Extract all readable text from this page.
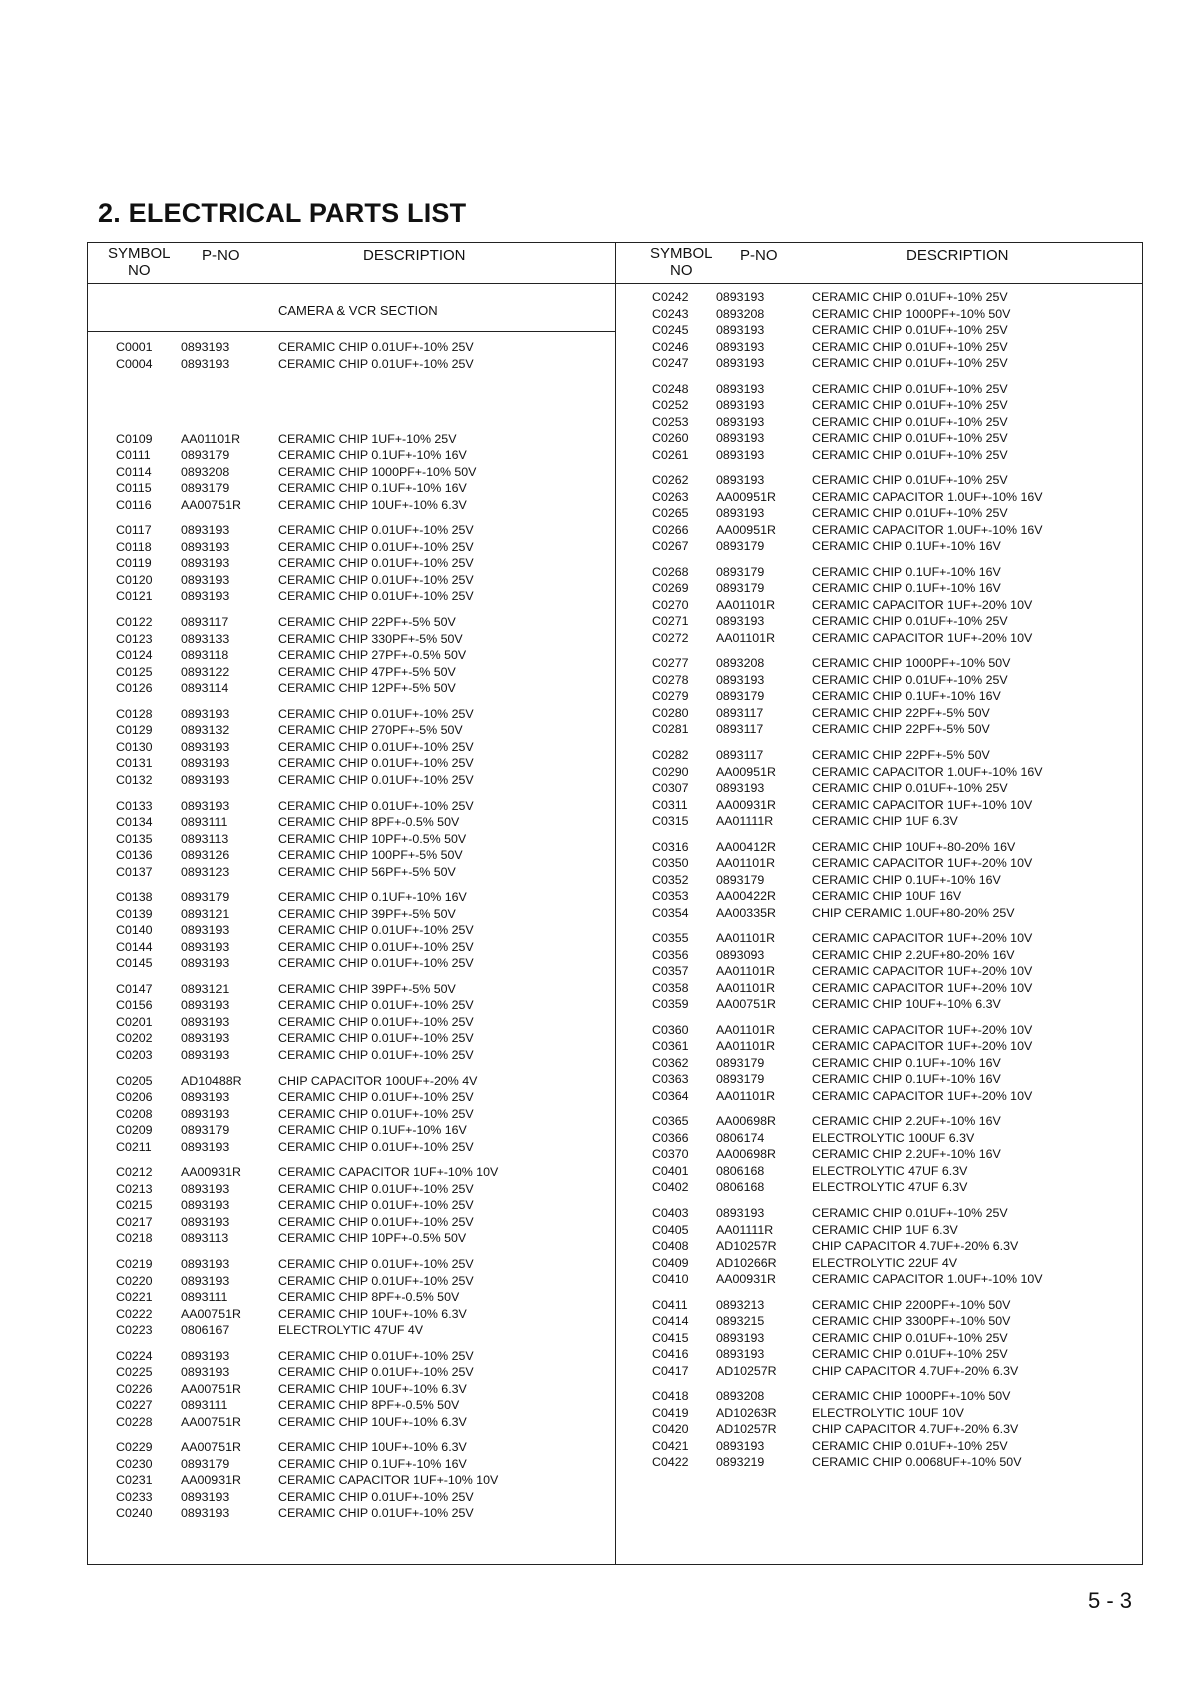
2. ELECTRICAL PARTS LIST
SYMBOL
NO
P-NO	DESCRIPTION
CAMERA & VCR SECTION
C0001 0893193	CERAMIC CHIP 0.01UF+-10% 25V
C0004 0893193	CERAMIC CHIP 0.01UF+-10% 25V
C0109 AA01101R	CERAMIC CHIP 1UF+-10% 25V
C0111 0893179	CERAMIC CHIP 0.1UF+-10% 16V
C0114 0893208	CERAMIC CHIP 1000PF+-10% 50V
C0115 0893179	CERAMIC CHIP 0.1UF+-10% 16V
C0116 AA00751R	CERAMIC CHIP 10UF+-10% 6.3V
C0117 0893193	CERAMIC CHIP 0.01UF+-10% 25V
C0118 0893193	CERAMIC CHIP 0.01UF+-10% 25V
C0119 0893193	CERAMIC CHIP 0.01UF+-10% 25V
C0120 0893193	CERAMIC CHIP 0.01UF+-10% 25V
C0121 0893193	CERAMIC CHIP 0.01UF+-10% 25V
C0122 0893117	CERAMIC CHIP 22PF+-5% 50V
C0123 0893133	CERAMIC CHIP 330PF+-5% 50V
C0124 0893118	CERAMIC CHIP 27PF+-0.5% 50V
C0125 0893122	CERAMIC CHIP 47PF+-5% 50V
C0126 0893114	CERAMIC CHIP 12PF+-5% 50V
C0128 0893193	CERAMIC CHIP 0.01UF+-10% 25V
C0129 0893132	CERAMIC CHIP 270PF+-5% 50V
C0130 0893193	CERAMIC CHIP 0.01UF+-10% 25V
C0131 0893193	CERAMIC CHIP 0.01UF+-10% 25V
C0132 0893193	CERAMIC CHIP 0.01UF+-10% 25V
C0133 0893193	CERAMIC CHIP 0.01UF+-10% 25V
C0134 0893111	CERAMIC CHIP 8PF+-0.5% 50V
C0135 0893113	CERAMIC CHIP 10PF+-0.5% 50V
C0136 0893126	CERAMIC CHIP 100PF+-5% 50V
C0137 0893123	CERAMIC CHIP 56PF+-5% 50V
C0138 0893179	CERAMIC CHIP 0.1UF+-10% 16V
C0139 0893121	CERAMIC CHIP 39PF+-5% 50V
C0140 0893193	CERAMIC CHIP 0.01UF+-10% 25V
C0144 0893193	CERAMIC CHIP 0.01UF+-10% 25V
C0145 0893193	CERAMIC CHIP 0.01UF+-10% 25V
C0147 0893121	CERAMIC CHIP 39PF+-5% 50V
C0156 0893193	CERAMIC CHIP 0.01UF+-10% 25V
C0201 0893193	CERAMIC CHIP 0.01UF+-10% 25V
C0202 0893193	CERAMIC CHIP 0.01UF+-10% 25V
C0203 0893193	CERAMIC CHIP 0.01UF+-10% 25V
C0205 AD10488R	CHIP CAPACITOR 100UF+-20% 4V
C0206 0893193	CERAMIC CHIP 0.01UF+-10% 25V
C0208 0893193	CERAMIC CHIP 0.01UF+-10% 25V
C0209 0893179	CERAMIC CHIP 0.1UF+-10% 16V
C0211 0893193	CERAMIC CHIP 0.01UF+-10% 25V
C0212 AA00931R	CERAMIC CAPACITOR 1UF+-10% 10V
C0213 0893193	CERAMIC CHIP 0.01UF+-10% 25V
C0215 0893193	CERAMIC CHIP 0.01UF+-10% 25V
C0217 0893193	CERAMIC CHIP 0.01UF+-10% 25V
C0218 0893113	CERAMIC CHIP 10PF+-0.5% 50V
C0219 0893193	CERAMIC CHIP 0.01UF+-10% 25V
C0220 0893193	CERAMIC CHIP 0.01UF+-10% 25V
C0221 0893111	CERAMIC CHIP 8PF+-0.5% 50V
C0222 AA00751R	CERAMIC CHIP 10UF+-10% 6.3V
C0223 0806167	ELECTROLYTIC 47UF 4V
C0224 0893193	CERAMIC CHIP 0.01UF+-10% 25V
C0225 0893193	CERAMIC CHIP 0.01UF+-10% 25V
C0226 AA00751R	CERAMIC CHIP 10UF+-10% 6.3V
C0227 0893111	CERAMIC CHIP 8PF+-0.5% 50V
C0228 AA00751R	CERAMIC CHIP 10UF+-10% 6.3V
C0229 AA00751R	CERAMIC CHIP 10UF+-10% 6.3V
C0230 0893179	CERAMIC CHIP 0.1UF+-10% 16V
C0231 AA00931R	CERAMIC CAPACITOR 1UF+-10% 10V
C0233 0893193	CERAMIC CHIP 0.01UF+-10% 25V
C0240 0893193	CERAMIC CHIP 0.01UF+-10% 25V
SYMBOL
NO
P-NO	DESCRIPTION
C0242 0893193	CERAMIC CHIP 0.01UF+-10% 25V
C0243 0893208	CERAMIC CHIP 1000PF+-10% 50V
C0245 0893193	CERAMIC CHIP 0.01UF+-10% 25V
C0246 0893193	CERAMIC CHIP 0.01UF+-10% 25V
C0247 0893193	CERAMIC CHIP 0.01UF+-10% 25V
C0248 0893193	CERAMIC CHIP 0.01UF+-10% 25V
C0252 0893193	CERAMIC CHIP 0.01UF+-10% 25V
C0253 0893193	CERAMIC CHIP 0.01UF+-10% 25V
C0260 0893193	CERAMIC CHIP 0.01UF+-10% 25V
C0261 0893193	CERAMIC CHIP 0.01UF+-10% 25V
C0262 0893193	CERAMIC CHIP 0.01UF+-10% 25V
C0263 AA00951R	CERAMIC CAPACITOR 1.0UF+-10% 16V
C0265 0893193	CERAMIC CHIP 0.01UF+-10% 25V
C0266 AA00951R	CERAMIC CAPACITOR 1.0UF+-10% 16V
C0267 0893179	CERAMIC CHIP 0.1UF+-10% 16V
C0268 0893179	CERAMIC CHIP 0.1UF+-10% 16V
C0269 0893179	CERAMIC CHIP 0.1UF+-10% 16V
C0270 AA01101R	CERAMIC CAPACITOR 1UF+-20% 10V
C0271 0893193	CERAMIC CHIP 0.01UF+-10% 25V
C0272 AA01101R	CERAMIC CAPACITOR 1UF+-20% 10V
C0277 0893208	CERAMIC CHIP 1000PF+-10% 50V
C0278 0893193	CERAMIC CHIP 0.01UF+-10% 25V
C0279 0893179	CERAMIC CHIP 0.1UF+-10% 16V
C0280 0893117	CERAMIC CHIP 22PF+-5% 50V
C0281 0893117	CERAMIC CHIP 22PF+-5% 50V
C0282 0893117	CERAMIC CHIP 22PF+-5% 50V
C0290 AA00951R	CERAMIC CAPACITOR 1.0UF+-10% 16V
C0307 0893193	CERAMIC CHIP 0.01UF+-10% 25V
C0311 AA00931R	CERAMIC CAPACITOR 1UF+-10% 10V
C0315 AA01111R	CERAMIC CHIP 1UF 6.3V
C0316 AA00412R	CERAMIC CHIP 10UF+-80-20% 16V
C0350 AA01101R	CERAMIC CAPACITOR 1UF+-20% 10V
C0352 0893179	CERAMIC CHIP 0.1UF+-10% 16V
C0353 AA00422R	CERAMIC CHIP 10UF 16V
C0354 AA00335R	CHIP CERAMIC 1.0UF+80-20% 25V
C0355 AA01101R	CERAMIC CAPACITOR 1UF+-20% 10V
C0356 0893093	CERAMIC CHIP 2.2UF+80-20% 16V
C0357 AA01101R	CERAMIC CAPACITOR 1UF+-20% 10V
C0358 AA01101R	CERAMIC CAPACITOR 1UF+-20% 10V
C0359 AA00751R	CERAMIC CHIP 10UF+-10% 6.3V
C0360 AA01101R	CERAMIC CAPACITOR 1UF+-20% 10V
C0361 AA01101R	CERAMIC CAPACITOR 1UF+-20% 10V
C0362 0893179	CERAMIC CHIP 0.1UF+-10% 16V
C0363 0893179	CERAMIC CHIP 0.1UF+-10% 16V
C0364 AA01101R	CERAMIC CAPACITOR 1UF+-20% 10V
C0365 AA00698R	CERAMIC CHIP 2.2UF+-10% 16V
C0366 0806174	ELECTROLYTIC 100UF 6.3V
C0370 AA00698R	CERAMIC CHIP 2.2UF+-10% 16V
C0401 0806168	ELECTROLYTIC 47UF 6.3V
C0402 0806168	ELECTROLYTIC 47UF 6.3V
C0403 0893193	CERAMIC CHIP 0.01UF+-10% 25V
C0405 AA01111R	CERAMIC CHIP 1UF 6.3V
C0408 AD10257R	CHIP CAPACITOR 4.7UF+-20% 6.3V
C0409 AD10266R	ELECTROLYTIC 22UF 4V
C0410 AA00931R	CERAMIC CAPACITOR 1.0UF+-10% 10V
C0411 0893213	CERAMIC CHIP 2200PF+-10% 50V
C0414 0893215	CERAMIC CHIP 3300PF+-10% 50V
C0415 0893193	CERAMIC CHIP 0.01UF+-10% 25V
C0416 0893193	CERAMIC CHIP 0.01UF+-10% 25V
C0417 AD10257R	CHIP CAPACITOR 4.7UF+-20% 6.3V
C0418 0893208	CERAMIC CHIP 1000PF+-10% 50V
C0419 AD10263R	ELECTROLYTIC 10UF 10V
C0420 AD10257R	CHIP CAPACITOR 4.7UF+-20% 6.3V
C0421 0893193	CERAMIC CHIP 0.01UF+-10% 25V
C0422 0893219	CERAMIC CHIP 0.0068UF+-10% 50V
5 - 3
